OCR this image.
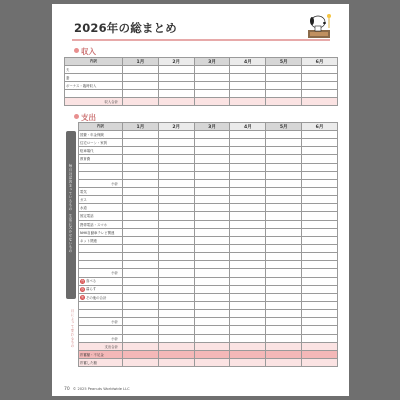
2026年の総まとめ
収入
内訳	1月	2月	3月	4月	5月	6月
夫						
妻						
ボーナス・臨時収入						

収入合計						
支出
毎月ほぼ決まっているもの
生活に欠かせないもの
月によって変わるもの
内訳	1月	2月	3月	4月	5月	6月
国費・年金保険						
住宅ローン・家賃						
駐車場代						
教育費						

小計						
電気						
ガス						
水道						
固定電話						
携帯電話・スマホ						
NHK自動車テレビ関連						
ネット関連						

小計						
食 食べる						
暮 暮らす						
他 その他の合計						

小計						

小計						
支出合計						
貯蓄額・不足金						
貯蓄した額						
70 © 2025 Peanuts Worldwide LLC
